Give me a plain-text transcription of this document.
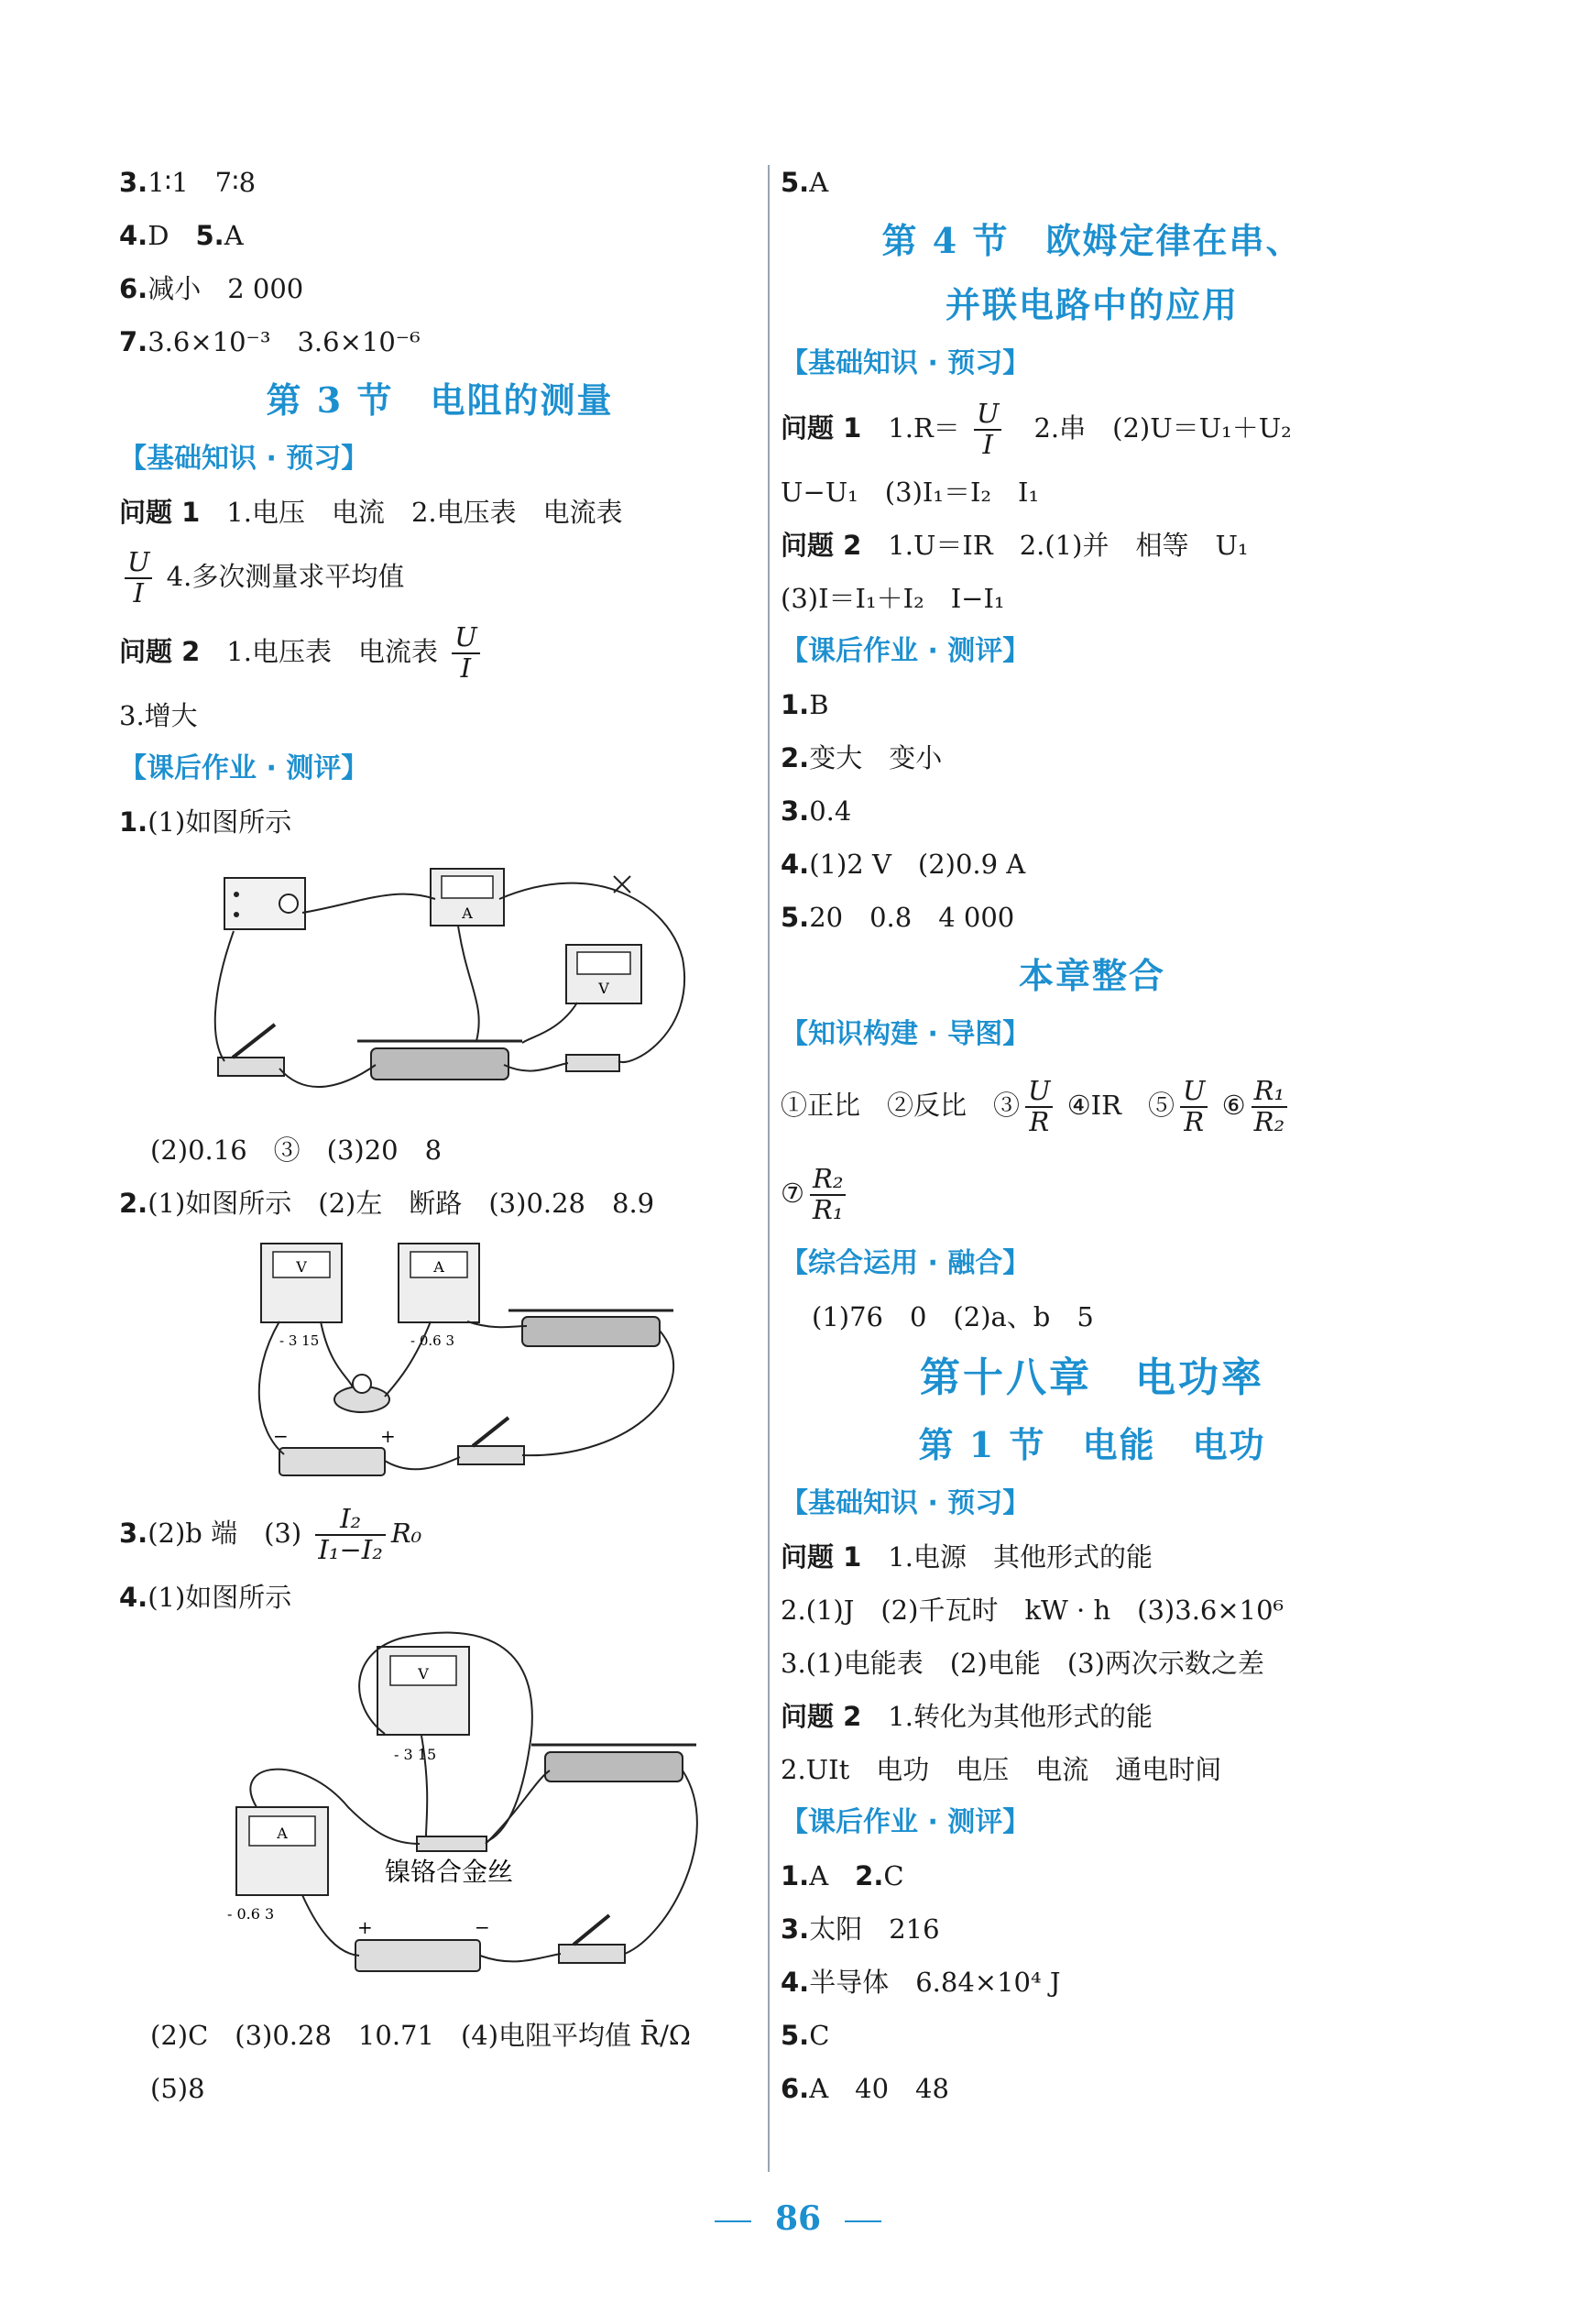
3.1∶1　7∶8
4.D　 5.A
6.减小　2 000
7.3.6×10⁻³　3.6×10⁻⁶
第 3 节　电阻的测量
【基础知识 · 预习】
问题 1　 1.电压　电流　2.电压表　电流表
$\frac{U}{I} 4$.多次测量求平均值
问题 2　 1.电压表　电流表 $\frac{U}{I}$
3.增大
【课后作业 · 测评】
1.(1)如图所示
A
V
(2)0.16　③　(3)20　8
2.(1)如图所示　(2)左　断路　(3)0.28　8.9
V
- 3 15
A
- 0.6 3
−	+
3.(2)b 端　$(3) \frac{\text{I₂}}{\text{I₁−I₂}} R_0$
4.(1)如图所示
V
- 3 15
A
- 0.6 3
镍铬合金丝
+	−
(2)C　(3)0.28　10.71　(4)电阻平均值 R̄/Ω
(5)8
5.A
第 4 节　欧姆定律在串、
并联电路中的应用
【基础知识 · 预习】
问题 1　 $1.R= \frac{U}{I}$ 　2.串　(2)U＝U₁＋U₂
U−U₁　(3)I₁＝I₂　I₁
问题 2　 1.U＝IR　2.(1)并　相等　U₁
(3)I＝I₁＋I₂　I−I₁
【课后作业 · 测评】
1.B
2.变大　变小
3.0.4
4.(1)2 V　(2)0.9 A
5.20　0.8　4 000
本章整合
【知识构建 · 导图】
①正比　②反比　③ $\frac{U}{R}$ ④IR　⑤ $\frac{U}{R}$ ⑥ $\frac{\text{R₁}}{\text{R₂}}$
⑦ $\frac{\text{R₂}}{\text{R₁}}$
【综合运用 · 融合】
(1)76　0　(2)a、b　5
第十八章　电功率
第 1 节　电能　电功
【基础知识 · 预习】
问题 1　 1.电源　其他形式的能
2.(1)J　(2)千瓦时　kW · h　(3)3.6×10⁶
3.(1)电能表　(2)电能　(3)两次示数之差
问题 2　 1.转化为其他形式的能
2.UIt　电功　电压　电流　通电时间
【课后作业 · 测评】
1.A　 2.C
3.太阳　216
4.半导体　6.84×10⁴ J
5.C
6.A　40　48
86
